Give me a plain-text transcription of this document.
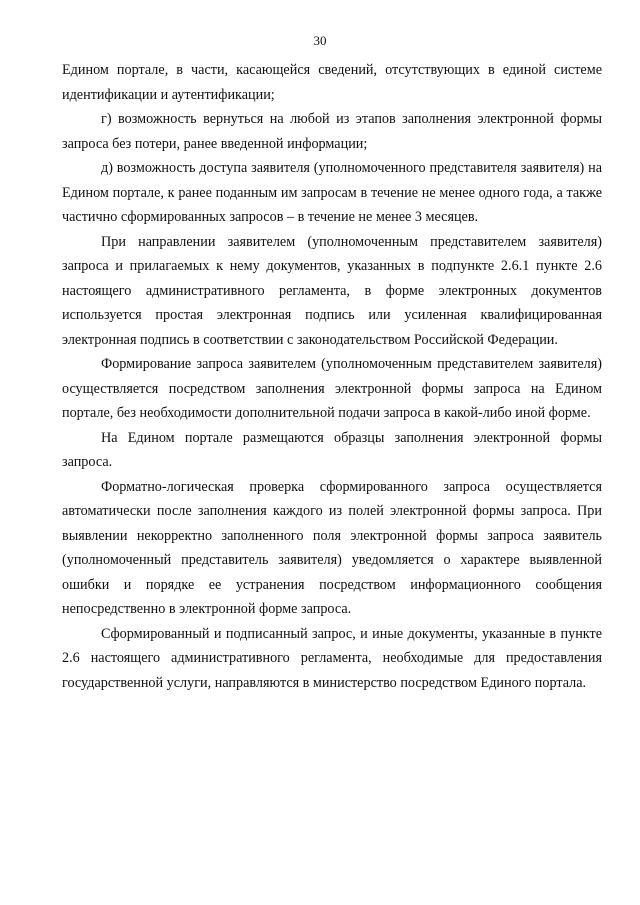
30

Едином портале, в части, касающейся сведений, отсутствующих в единой системе идентификации и аутентификации;

г) возможность вернуться на любой из этапов заполнения электронной формы запроса без потери, ранее введенной информации;

д) возможность доступа заявителя (уполномоченного представителя заявителя) на Едином портале, к ранее поданным им запросам в течение не менее одного года, а также частично сформированных запросов – в течение не менее 3 месяцев.

При направлении заявителем (уполномоченным представителем заявителя) запроса и прилагаемых к нему документов, указанных в подпункте 2.6.1 пункте 2.6 настоящего административного регламента, в форме электронных документов используется простая электронная подпись или усиленная квалифицированная электронная подпись в соответствии с законодательством Российской Федерации.

Формирование запроса заявителем (уполномоченным представителем заявителя) осуществляется посредством заполнения электронной формы запроса на Едином портале, без необходимости дополнительной подачи запроса в какой-либо иной форме.

На Едином портале размещаются образцы заполнения электронной формы запроса.

Форматно-логическая проверка сформированного запроса осуществляется автоматически после заполнения каждого из полей электронной формы запроса. При выявлении некорректно заполненного поля электронной формы запроса заявитель (уполномоченный представитель заявителя) уведомляется о характере выявленной ошибки и порядке ее устранения посредством информационного сообщения непосредственно в электронной форме запроса.

Сформированный и подписанный запрос, и иные документы, указанные в пункте 2.6 настоящего административного регламента, необходимые для предоставления государственной услуги, направляются в министерство посредством Единого портала.
